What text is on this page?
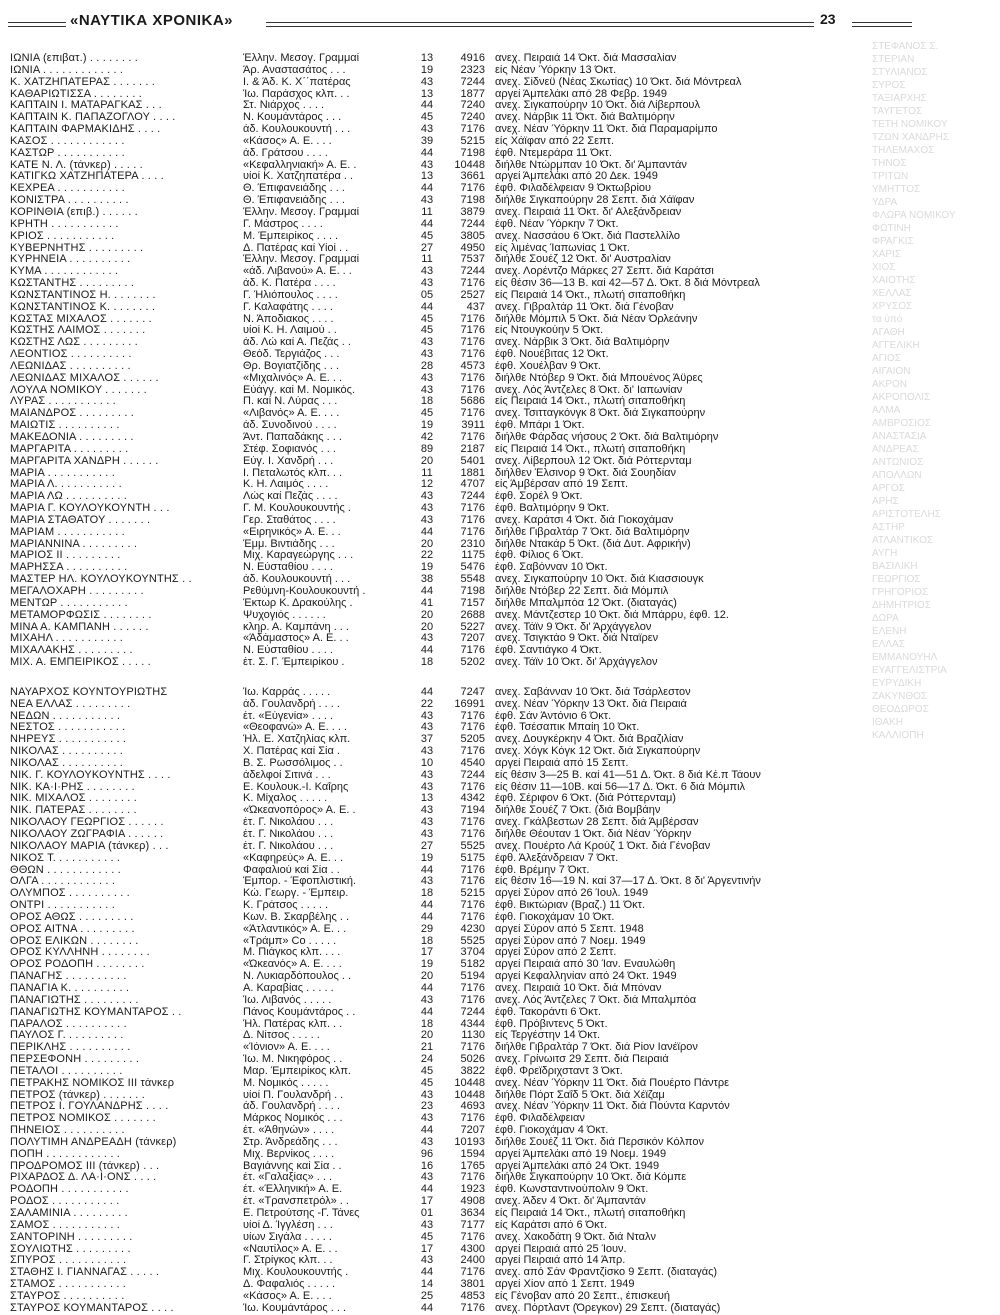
«ΝΑΥΤΙΚΑ ΧΡΟΝΙΚΑ»	23
ΣΤΕΦΑΝΟΣ Σ.
ΣΤΕΡΙΑΝ
ΣΤΥΛΙΑΝΟΣ
ΣΥΡΟΣ
ΤΑΞΙΑΡΧΗΣ
ΤΑΥΓΕΤΟΣ
ΤΕΤΗ ΝΟΜΙΚΟΥ
ΤΖΩΝ ΧΑΝΔΡΗΣ
ΤΗΛΕΜΑΧΟΣ
ΤΗΝΟΣ
ΤΡΙΤΩΝ
ΥΜΗΤΤΟΣ
ΥΔΡΑ
ΦΛΩΡΑ ΝΟΜΙΚΟΥ
ΦΩΤΙΝΗ
ΦΡΑΓΚΙΣ
ΧΑΡΙΣ
ΧΙΟΣ
ΧΑΙΟΤΗΣ
ΧΕΛΛΑΣ
ΧΡΥΣΟΣ
τα ύπό
ΑΓΑΘΗ
ΑΓΓΕΛΙΚΗ
ΑΓΙΟΣ
ΑΙΓΑΙΟΝ
ΑΚΡΟΝ
ΑΚΡΟΠΟΛΙΣ
ΑΛΜΑ
ΑΜΒΡΟΣΙΟΣ
ΑΝΑΣΤΑΣΙΑ
ΑΝΔΡΕΑΣ
ΑΝΤΩΝΙΟΣ
ΑΠΟΛΛΩΝ
ΑΡΓΟΣ
ΑΡΗΣ
ΑΡΙΣΤΟΤΕΛΗΣ
ΑΣΤΗΡ
ΑΤΛΑΝΤΙΚΟΣ
ΑΥΓΗ
ΒΑΣΙΛΙΚΗ
ΓΕΩΡΓΙΟΣ
ΓΡΗΓΟΡΙΟΣ
ΔΗΜΗΤΡΙΟΣ
ΔΩΡΑ
ΕΛΕΝΗ
ΕΛΛΑΣ
ΕΜΜΑΝΟΥΗΛ
ΕΥΑΓΓΕΛΙΣΤΡΙΑ
ΕΥΡΥΔΙΚΗ
ΖΑΚΥΝΘΟΣ
ΘΕΟΔΩΡΟΣ
ΙΘΑΚΗ
ΚΑΛΛΙΟΠΗ
ΙΩΝΙΑ (επιβατ.) . . . . . . . .	Έλλην. Μεσογ. Γραμμαί	13	4916 ανεχ. Πειραιά 14 Όκτ. διά Μασσαλίαν
ΙΩΝΙΑ . . . . . . . . . . . . .	Άρ. Αναστασάτος . . .	19	2323 είς Νέαν Ύόρκην 13 Όκτ.
Κ. ΧΑΤΖΗΠΑΤΕΡΑΣ . . . . . . .	Ι. & Άδ. Κ. Χ΄΄πατέρας	43	7244 ανεχ. Σίδνεϋ (Νέας Σκωτίας) 10 Όκτ. διά Μόντρεαλ
ΚΑΘΑΡΙΩΤΙΣΣΑ . . . . . . . .	Ίω. Παράσχος κλπ. . .	13	1877 αργεί Άμπελάκι από 28 Φεβρ. 1949
ΚΑΠΤΑΙΝ Ι. ΜΑΤΑΡΑΓΚΑΣ . . .	Στ. Νιάρχος . . . .	44	7240 ανεχ. Σιγκαπούρην 10 Όκτ. διά Λίβερπουλ
ΚΑΠΤΑΙΝ Κ. ΠΑΠΑΖΟΓΛΟΥ . . . .	Ν. Κουμάντάρος . . .	45	7240 ανεχ. Νάρβικ 11 Όκτ. διά Βαλτιμόρην
ΚΑΠΤΑΙΝ ΦΑΡΜΑΚΙΔΗΣ . . . .	άδ. Κουλουκουντή . . .	43	7176 ανεχ. Νέαν Ύόρκην 11 Όκτ. διά Παραμαρίμπο
ΚΑΣΟΣ . . . . . . . . . . . .	«Κάσος» Α. Ε. . . .	39	5215 είς Χάϊφαν από 22 Σεπτ.
ΚΑΣΤΩΡ . . . . . . . . . . .	άδ. Γράτσου . . . .	44	7198 έφθ. Ντεμεράρα 11 Όκτ.
ΚΑΤΕ Ν. Λ. (τάνκερ) . . . . .	«Κεφαλληνιακή» Α. Ε. .	43	10448 διήλθε Ντώρμπαν 10 Όκτ. δι' Άμπαντάν
ΚΑΤΙΓΚΩ ΧΑΤΖΗΠΑΤΕΡΑ . . . .	υίοί Κ. Χατζηπατέρα . .	13	3661 αργεί Άμπελάκι από 20 Δεκ. 1949
ΚΕΧΡΕΑ . . . . . . . . . . .	Θ. Έπιφανειάδης . . .	44	7176 έφθ. Φιλαδέλφειαν 9 Όκτωβρίου
ΚΟΝΙΣΤΡΑ . . . . . . . . . .	Θ. Έπιφανειάδης . . .	43	7198 διήλθε Σιγκαπούρην 28 Σεπτ. διά Χάϊφαν
ΚΟΡΙΝΘΙΑ (επιβ.) . . . . . .	Έλλην. Μεσογ. Γραμμαί	11	3879 ανεχ. Πειραιά 11 Όκτ. δι' Αλεξάνδρειαν
ΚΡΗΤΗ . . . . . . . . . . .	Γ. Μάστρος . . . .	44	7244 έφθ. Νέαν Ύόρκην 7 Όκτ.
ΚΡΙΟΣ . . . . . . . . . . .	Μ. Έμπειρίκος . . . .	45	3805 ανεχ. Νασσάου 6 Όκτ. διά Παστελλίλο
ΚΥΒΕΡΝΗΤΗΣ . . . . . . . . .	Δ. Πατέρας καί Υίοί . .	27	4950 είς λιμένας Ίαπωνίας 1 Όκτ.
ΚΥΡΗΝΕΙΑ . . . . . . . . . .	Έλλην. Μεσογ. Γραμμαί	11	7537 διήλθε Σουέζ 12 Όκτ. δι' Αυστραλίαν
ΚΥΜΑ . . . . . . . . . . . .	«άδ. Λιβανού» Α. Ε. . .	43	7244 ανεχ. Λορέντζο Μάρκες 27 Σεπτ. διά Καράτσι
ΚΩΣΤΑΝΤΗΣ . . . . . . . . .	άδ. Κ. Πατέρα . . . .	43	7176 είς θέσιν 36—13 Β. καί 42—57 Δ. Όκτ. 8 διά Μόντρεαλ
ΚΩΝΣΤΑΝΤΙΝΟΣ Η. . . . . . . .	Γ. Ήλιόπουλος . . . .	05	2527 είς Πειραιά 14 Όκτ., πλωτή σιταποθήκη
ΚΩΝΣΤΑΝΤΙΝΟΣ Κ. . . . . . . .	Γ. Καλαφάτης . . . .	44	437 ανεχ. Γιβραλτάρ 11 Όκτ. διά Γένοβαν
ΚΩΣΤΑΣ ΜΙΧΑΛΟΣ . . . . . . .	Ν. Άποδιακος . . . .	45	7176 διήλθε Μόμπιλ 5 Όκτ. διά Νέαν Όρλεάνην
ΚΩΣΤΗΣ ΛΑΙΜΟΣ . . . . . . .	υίοί Κ. Η. Λαιμού . .	45	7176 είς Ντουγκούην 5 Όκτ.
ΚΩΣΤΗΣ ΛΩΣ . . . . . . . . .	άδ. Λώ καί Α. Πεζάς . .	43	7176 ανεχ. Νάρβικ 3 Όκτ. διά Βαλτιμόρην
ΛΕΟΝΤΙΟΣ . . . . . . . . . .	Θεόδ. Τεργιάζος . . .	43	7176 έφθ. Νουέβιτας 12 Όκτ.
ΛΕΩΝΙΔΑΣ . . . . . . . . . .	Θρ. Βογιατζίδης . . .	28	4573 έφθ. Χουέλβαν 9 Όκτ.
ΛΕΩΝΙΔΑΣ ΜΙΧΑΛΟΣ . . . . . .	«Μιχαλινός» Α. Ε. . .	43	7176 διήλθε Ντόβερ 9 Όκτ. διά Μπουένος Άϋρες
ΛΟΥΛΑ ΝΟΜΙΚΟΥ . . . . . . .	Εύάγγ. καί Μ. Νομικός.	43	7176 ανεχ. Λός Άντζελες 8 Όκτ. δι' Ιαπωνίαν
ΛΥΡΑΣ . . . . . . . . . . .	Π. καί Ν. Λύρας . . .	18	5686 είς Πειραιά 14 Όκτ., πλωτή σιταποθήκη
ΜΑΙΑΝΔΡΟΣ . . . . . . . . .	«Λιβανός» Α. Ε. . . .	45	7176 ανεχ. Τσιτταγκόνγκ 8 Όκτ. διά Σιγκαπούρην
ΜΑΙΩΤΙΣ . . . . . . . . . .	άδ. Συνοδινού . . . .	19	3911 έφθ. Μπάρι 1 Όκτ.
ΜΑΚΕΔΟΝΙΑ . . . . . . . . .	Άντ. Παπαδάκης . . .	42	7176 διήλθε Φάρδας νήσους 2 Όκτ. διά Βαλτιμόρην
ΜΑΡΓΑΡΙΤΑ . . . . . . . . .	Στέφ. Σοφιανός . . .	89	2187 είς Πειραιά 14 Όκτ., πλωτή σιταποθήκη
ΜΑΡΓΑΡΙΤΑ ΧΑΝΔΡΗ . . . . . .	Εύγ. Ι. Χανδρή . . .	20	5401 ανεχ. Λίβερπουλ 12 Όκτ. διά Ρόττερνταμ
ΜΑΡΙΑ . . . . . . . . . . .	Ι. Πεταλωτός κλπ. . .	11	1881 διήλθεν Έλσινορ 9 Όκτ. διά Σουηδίαν
ΜΑΡΙΑ Λ. . . . . . . . . . .	Κ. Η. Λαιμός . . . .	12	4707 είς Άμβέρσαν από 19 Σεπτ.
ΜΑΡΙΑ ΛΩ . . . . . . . . . .	Λώς καί Πεζάς . . . .	43	7244 έφθ. Σορέλ 9 Όκτ.
ΜΑΡΙΑ Γ. ΚΟΥΛΟΥΚΟΥΝΤΗ . . .	Γ. Μ. Κουλουκουντής .	43	7176 έφθ. Βαλτιμόρην 9 Όκτ.
ΜΑΡΙΑ ΣΤΑΘΑΤΟΥ . . . . . . .	Γερ. Σταθάτος . . . .	43	7176 ανεχ. Καράτσι 4 Όκτ. διά Γιοκοχάμαν
ΜΑΡΙΑΜ . . . . . . . . . . .	«Ειρηνικός» Α. Ε. . .	44	7176 διήλθε Γιβραλτάρ 7 Όκτ. διά Βαλτιμόρην
ΜΑΡΙΑΝΝΙΝΑ . . . . . . . . .	Έμμ. Βιντιάδης . . .	20	2310 διήλθε Ντακάρ 5 Όκτ. (διά Δυτ. Αφρικήν)
ΜΑΡΙΟΣ ΙΙ . . . . . . . . .	Μιχ. Καραγεώργης . . .	22	1175 έφθ. Φίλιος 6 Όκτ.
ΜΑΡΗΣΣΑ . . . . . . . . . .	Ν. Εύσταθίου . . . .	19	5476 έφθ. Σαβόνναν 10 Όκτ.
ΜΑΣΤΕΡ ΗΛ. ΚΟΥΛΟΥΚΟΥΝΤΗΣ . .	άδ. Κουλουκουντή . . .	38	5548 ανεχ. Σιγκαπούρην 10 Όκτ. διά Κιασσιουγκ
ΜΕΓΑΛΟΧΑΡΗ . . . . . . . . .	Ρεθύμνη-Κουλουκουντή .	44	7198 διήλθε Ντόβερ 22 Σεπτ. διά Μόμπιλ
ΜΕΝΤΩΡ . . . . . . . . . . .	Έκτωρ Κ. Δρακούλης .	41	7157 διήλθε Μπαλμπόα 12 Όκτ. (διαταγάς)
ΜΕΤΑΜΟΡΦΩΣΙΣ . . . . . . . .	Ψυχογιός . . . . . .	20	2688 ανεχ. Μάντζεστερ 10 Όκτ. διά Μπάρρυ, έφθ. 12.
ΜΙΝΑ Α. ΚΑΜΠΑΝΗ . . . . . .	κληρ. Α. Καμπάνη . . .	20	5227 ανεχ. Τάϊν 9 Όκτ. δι' Άρχάγγελον
ΜΙΧΑΗΛ . . . . . . . . . . .	«Άδάμαστος» Α. Ε. . .	43	7207 ανεχ. Τσιγκτάο 9 Όκτ. διά Νταϊρεν
ΜΙΧΑΛΑΚΗΣ . . . . . . . . .	Ν. Εύσταθίου . . . .	44	7176 έφθ. Σαντιάγκο 4 Όκτ.
ΜΙΧ. Α. ΕΜΠΕΙΡΙΚΟΣ . . . . .	έτ. Σ. Γ. Έμπειρίκου .	18	5202 ανεχ. Τάϊν 10 Όκτ. δι' Άρχάγγελον
ΝΑΥΑΡΧΟΣ ΚΟΥΝΤΟΥΡΙΩΤΗΣ	Ίω. Καρράς . . . . .	44	7247 ανεχ. Σαβάνναν 10 Όκτ. διά Τσάρλεστον
ΝΕΑ ΕΛΛΑΣ . . . . . . . . .	άδ. Γουλανδρή . . . .	22	16991 ανεχ. Νέαν Ύόρκην 13 Όκτ. διά Πειραιά
ΝΕΔΩΝ . . . . . . . . . . .	έτ. «Εύγενία» . . . .	43	7176 έφθ. Σάν Άντόνιο 6 Όκτ.
ΝΕΣΤΟΣ . . . . . . . . . . .	«Θεοφανώ» Α. Ε. . . .	43	7176 έφθ. Τσέσαπικ Μπαίη 10 Όκτ.
ΝΗΡΕΥΣ . . . . . . . . . . .	Ήλ. Ε. Χατζηλίας κλπ.	37	5205 ανεχ. Δουγκέρκην 4 Όκτ. διά Βραζιλίαν
ΝΙΚΟΛΑΣ . . . . . . . . . .	Χ. Πατέρας καί Σία .	43	7176 ανεχ. Χόγκ Κόγκ 12 Όκτ. διά Σιγκαπούρην
ΝΙΚΟΛΑΣ . . . . . . . . . .	Β. Σ. Ρωσσόλιμος . .	10	4540 αργεί Πειραιά από 15 Σεπτ.
ΝΙΚ. Γ. ΚΟΥΛΟΥΚΟΥΝΤΗΣ . . . .	άδελφοί Σιτινά . . .	43	7244 είς θέσιν 3—25 Β. καί 41—51 Δ. Όκτ. 8 διά Κέ.π Τάουν
ΝΙΚ. ΚΑ·Ι·ΡΗΣ . . . . . . . .	Ε. Κουλουκ.-Ι. Καΐρης	43	7176 είς θέσιν 11—10Β. καί 56—17 Δ. Όκτ. 6 διά Μόμπιλ
ΝΙΚ. ΜΙΧΑΛΟΣ . . . . . . . .	Κ. Μίχαλος . . . . .	13	4342 έφθ. Σέριφον 6 Όκτ. (διά Ρόττερνταμ)
ΝΙΚ. ΠΑΤΕΡΑΣ . . . . . . . .	«Ώκεανοπόρος» Α. Ε. .	43	7194 διήλθε Σουέζ 7 Όκτ. (διά Βομβάην
ΝΙΚΟΛΑΟΥ ΓΕΩΡΓΙΟΣ . . . . . .	έτ. Γ. Νικολάου . . .	43	7176 ανεχ. Γκάλβεστων 28 Σεπτ. διά Άμβέρσαν
ΝΙΚΟΛΑΟΥ ΖΩΓΡΑΦΙΑ . . . . . .	έτ. Γ. Νικολάου . . .	43	7176 διήλθε Θέουταν 1 Όκτ. διά Νέαν Ύόρκην
ΝΙΚΟΛΑΟΥ ΜΑΡΙΑ (τάνκερ) . . .	έτ. Γ. Νικολάου . . .	27	5525 ανεχ. Πουέρτο Λά Κρούζ 1 Όκτ. διά Γένοβαν
ΝΙΚΟΣ Τ. . . . . . . . . . .	«Καφηρεύς» Α. Ε. . .	19	5175 έφθ. Άλεξάνδρειαν 7 Όκτ.
ΘΘΩΝ . . . . . . . . . . . .	Φαφαλιού καί Σία . .	44	7176 έφθ. Βρέμην 7 Όκτ.
ΟΛΓΑ . . . . . . . . . . . .	Έμπορ. - Έφοπλιστική.	43	7176 είς θέσιν 16—19 Ν. καί 37—17 Δ. Όκτ. 8 δι' Άργεντινήν
ΟΛΥΜΠΟΣ . . . . . . . . . .	Κώ. Γεωργ. - Έμπειρ.	18	5215 αργεί Σύρον από 26 Ίουλ. 1949
ΟΝΤΡΙ . . . . . . . . . . .	Κ. Γράτσος . . . . .	44	7176 έφθ. Βικτώριαν (Βραζ.) 11 Όκτ.
ΟΡΟΣ ΑΘΩΣ . . . . . . . . .	Κων. Β. Σκαρβέλης . .	44	7176 έφθ. Γιοκοχάμαν 10 Όκτ.
ΟΡΟΣ ΑΙΤΝΑ . . . . . . . . .	«Άτλαντικός» Α. Ε. . .	29	4230 αργεί Σύρον από 5 Σεπτ. 1948
ΟΡΟΣ ΕΛΙΚΩΝ . . . . . . . .	«Τράμπ» Co . . . . .	18	5525 αργεί Σύρον από 7 Νοεμ. 1949
ΟΡΟΣ ΚΥΛΛΗΝΗ . . . . . . . .	Μ. Πιάγκος κλπ. . . .	17	3704 αργεί Σύρον από 2 Σεπτ.
ΟΡΟΣ ΡΟΔΟΠΗ . . . . . . . .	«Ώκεανός» Α. Ε. . . .	19	5182 αργεί Πειραιά από 30 Ίαν. Εναυλώθη
ΠΑΝΑΓΗΣ . . . . . . . . . .	Ν. Λυκιαρδόπουλος . .	20	5194 αργεί Κεφαλληνίαν από 24 Όκτ. 1949
ΠΑΝΑΓΙΑ Κ. . . . . . . . . .	Α. Καραβίας . . . . .	44	7176 ανεχ. Πειραιά 10 Όκτ. διά Μπόναν
ΠΑΝΑΓΙΩΤΗΣ . . . . . . . . .	Ίω. Λιβανός . . . . .	43	7176 ανεχ. Λός Άντζελες 7 Όκτ. διά Μπαλμπόα
ΠΑΝΑΓΙΩΤΗΣ ΚΟΥΜΑΝΤΑΡΟΣ . .	Πάνος Κουμάντάρος . .	44	7244 έφθ. Τακοράντι 6 Όκτ.
ΠΑΡΑΛΟΣ . . . . . . . . . .	Ήλ. Πατέρας κλπ. . .	18	4344 έφθ. Πρόβιντενς 5 Όκτ.
ΠΑΥΛΟΣ Γ. . . . . . . . . .	Δ. Νίτσος . . . . .	20	1130 είς Τεργέστην 14 Όκτ.
ΠΕΡΙΚΛΗΣ . . . . . . . . . .	«Ίόνιον» Α. Ε. . . .	21	7176 διήλθε Γιβραλτάρ 7 Όκτ. διά Ρίον Ιανέϊρον
ΠΕΡΣΕΦΟΝΗ . . . . . . . . .	Ίω. Μ. Νικηφόρος . .	24	5026 ανεχ. Γρίνωιτσ 29 Σεπτ. διά Πειραιά
ΠΕΤΑΛΟΙ . . . . . . . . . .	Μαρ. Έμπειρίκος κλπ.	45	3822 έφθ. Φρεϊδριχσταντ 3 Όκτ.
ΠΕΤΡΑΚΗΣ ΝΟΜΙΚΟΣ ΙΙΙ τάνκερ	Μ. Νομικός . . . . .	45	10448 ανεχ. Νέαν Ύόρκην 11 Όκτ. διά Πουέρτο Πάντρε
ΠΕΤΡΟΣ (τάνκερ) . . . . . . .	υίοί Π. Γουλανδρή . .	43	10448 διήλθε Πόρτ Σαΐδ 5 Όκτ. διά Χέϊζαμ
ΠΕΤΡΟΣ Ι. ΓΟΥΛΑΝΔΡΗΣ . . . .	άδ. Γουλανδρή . . . .	23	4693 ανεχ. Νέαν Ύόρκην 11 Όκτ. διά Πούντα Καρντόν
ΠΕΤΡΟΣ ΝΟΜΙΚΟΣ . . . . . . .	Μάρκος Νομικός . . .	43	7176 έφθ. Φιλαδέλφειαν
ΠΗΝΕΙΟΣ . . . . . . . . . .	έτ. «Άθηνών» . . . .	44	7207 έφθ. Γιοκοχάμαν 4 Όκτ.
ΠΟΛΥΤΙΜΗ ΑΝΔΡΕΑΔΗ (τάνκερ)	Στρ. Άνδρεάδης . . .	43	10193 διήλθε Σουέζ 11 Όκτ. διά Περσικόν Κόλπον
ΠΟΠΗ . . . . . . . . . . . .	Μιχ. Βερνίκος . . . .	96	1594 αργεί Άμπελάκι από 19 Νοεμ. 1949
ΠΡΟΔΡΟΜΟΣ ΙΙΙ (τάνκερ) . . .	Βαγιάννης καί Σία . .	16	1765 αργεί Άμπελάκι από 24 Όκτ. 1949
ΡΙΧΑΡΔΟΣ Δ. ΛΑ·Ι·ΟΝΣ . . . .	έτ. «Γαλαξίας» . . .	43	7176 διήλθε Σιγκαπούρην 10 Όκτ. διά Κόμπε
ΡΟΔΟΠΗ . . . . . . . . . . .	έτ. «Έλληνική» Α. Ε.	44	1923 έφθ. Κωνσταντινούπολιν 9 Όκτ.
ΡΟΔΟΣ . . . . . . . . . . .	έτ. «Τρανσπετρόλ» . .	17	4908 ανεχ. Άδεν 4 Όκτ. δι' Άμπαντάν
ΣΑΛΑΜΙΝΙΑ . . . . . . . . .	Ε. Πετρούτσης -Γ. Τάνες	01	3634 είς Πειραιά 14 Όκτ., πλωτή σιταποθήκη
ΣΑΜΟΣ . . . . . . . . . . .	υίοί Δ. Ίγγλέση . . .	43	7177 είς Καράτσι από 6 Όκτ.
ΣΑΝΤΟΡΙΝΗ . . . . . . . . .	υίων Σιγάλα . . . . .	45	7176 ανεχ. Χακοδάτη 9 Όκτ. διά Νταλν
ΣΟΥΛΙΩΤΗΣ . . . . . . . . .	«Ναυτίλος» Α. Ε. . .	17	4300 αργεί Πειραιά από 25 Ίουν.
ΣΠΥΡΟΣ . . . . . . . . . . .	Γ. Στρίγκος κλπ. . .	43	2400 αργεί Πειραιά από 14 Άπρ.
ΣΤΑΘΗΣ Ι. ΓΙΑΝΝΑΓΑΣ . . . . .	Μιχ. Κουλουκουντής .	44	7176 ανεχ. από Σάν Φραντζίσκο 9 Σεπτ. (διαταγάς)
ΣΤΑΜΟΣ . . . . . . . . . . .	Δ. Φαφαλιός . . . . .	14	3801 αργεί Χίον από 1 Σεπτ. 1949
ΣΤΑΥΡΟΣ . . . . . . . . . .	«Κάσος» Α. Ε. . . .	25	4853 είς Γένοβαν από 20 Σεπτ., έπισκευή
ΣΤΑΥΡΟΣ ΚΟΥΜΑΝΤΑΡΟΣ . . . .	Ίω. Κουμάντάρος . . .	44	7176 ανεχ. Πόρτλαντ (Όρεγκον) 29 Σεπτ. (διαταγάς)
